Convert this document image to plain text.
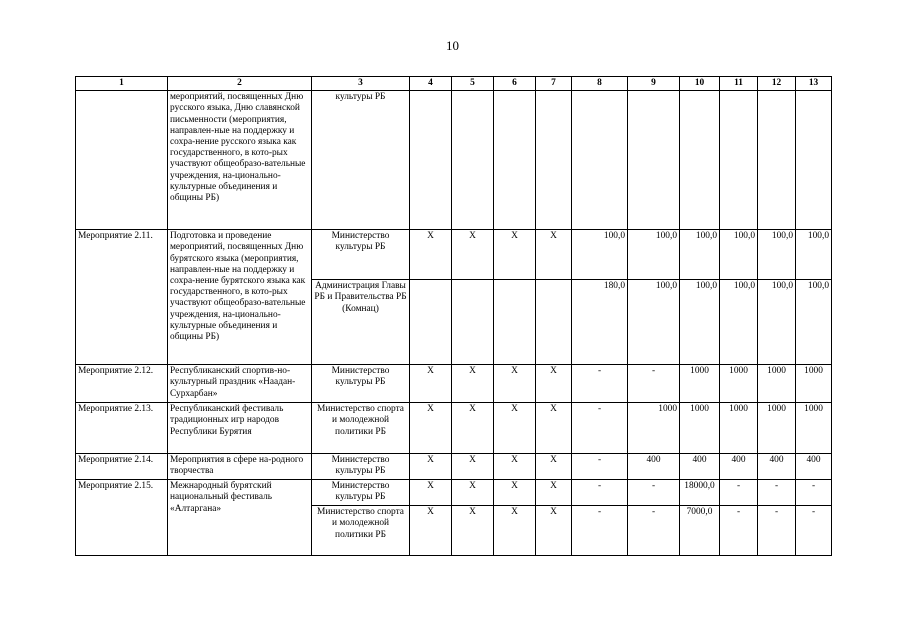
10
1	2	3	4	5	6	7	8	9	10	11	12	13
	мероприятий, посвященных Дню русского языка, Дню славянской письменности (мероприятия, направлен-ные на поддержку и сохра-нение русского языка как государственного, в кото-рых участвуют общеобразо-вательные учреждения, на-ционально-культурные объединения и общины РБ)	культуры РБ										
Мероприятие 2.11.	Подготовка и проведение мероприятий, посвященных Дню бурятского языка (мероприятия, направлен-ные на поддержку и сохра-нение бурятского языка как государственного, в кото-рых участвуют общеобразо-вательные учреждения, на-ционально-культурные объединения и общины РБ)	Министерство культуры РБ	X	X	X	X	100,0	100,0	100,0	100,0	100,0	100,0
		Администрация Главы РБ и Правительства РБ (Комнац)					180,0	100,0	100,0	100,0	100,0	100,0
Мероприятие 2.12.	Республиканский спортив-но-культурный праздник «Наадан-Сурхарбан»	Министерство культуры РБ	X	X	X	X	-	-	1000	1000	1000	1000
Мероприятие 2.13.	Республиканский фестиваль традиционных игр народов Республики Бурятия	Министерство спорта и молодежной политики РБ	X	X	X	X	-	1000	1000	1000	1000	1000
Мероприятие 2.14.	Мероприятия в сфере на-родного творчества	Министерство культуры РБ	X	X	X	X	-	400	400	400	400	400
Мероприятие 2.15.	Межнародный бурятский национальный фестиваль «Алтаргана»	Министерство культуры РБ	X	X	X	X	-	-	18000,0	-	-	-
		Министерство спорта и молодежной политики РБ	X	X	X	X	-	-	7000,0	-	-	-
